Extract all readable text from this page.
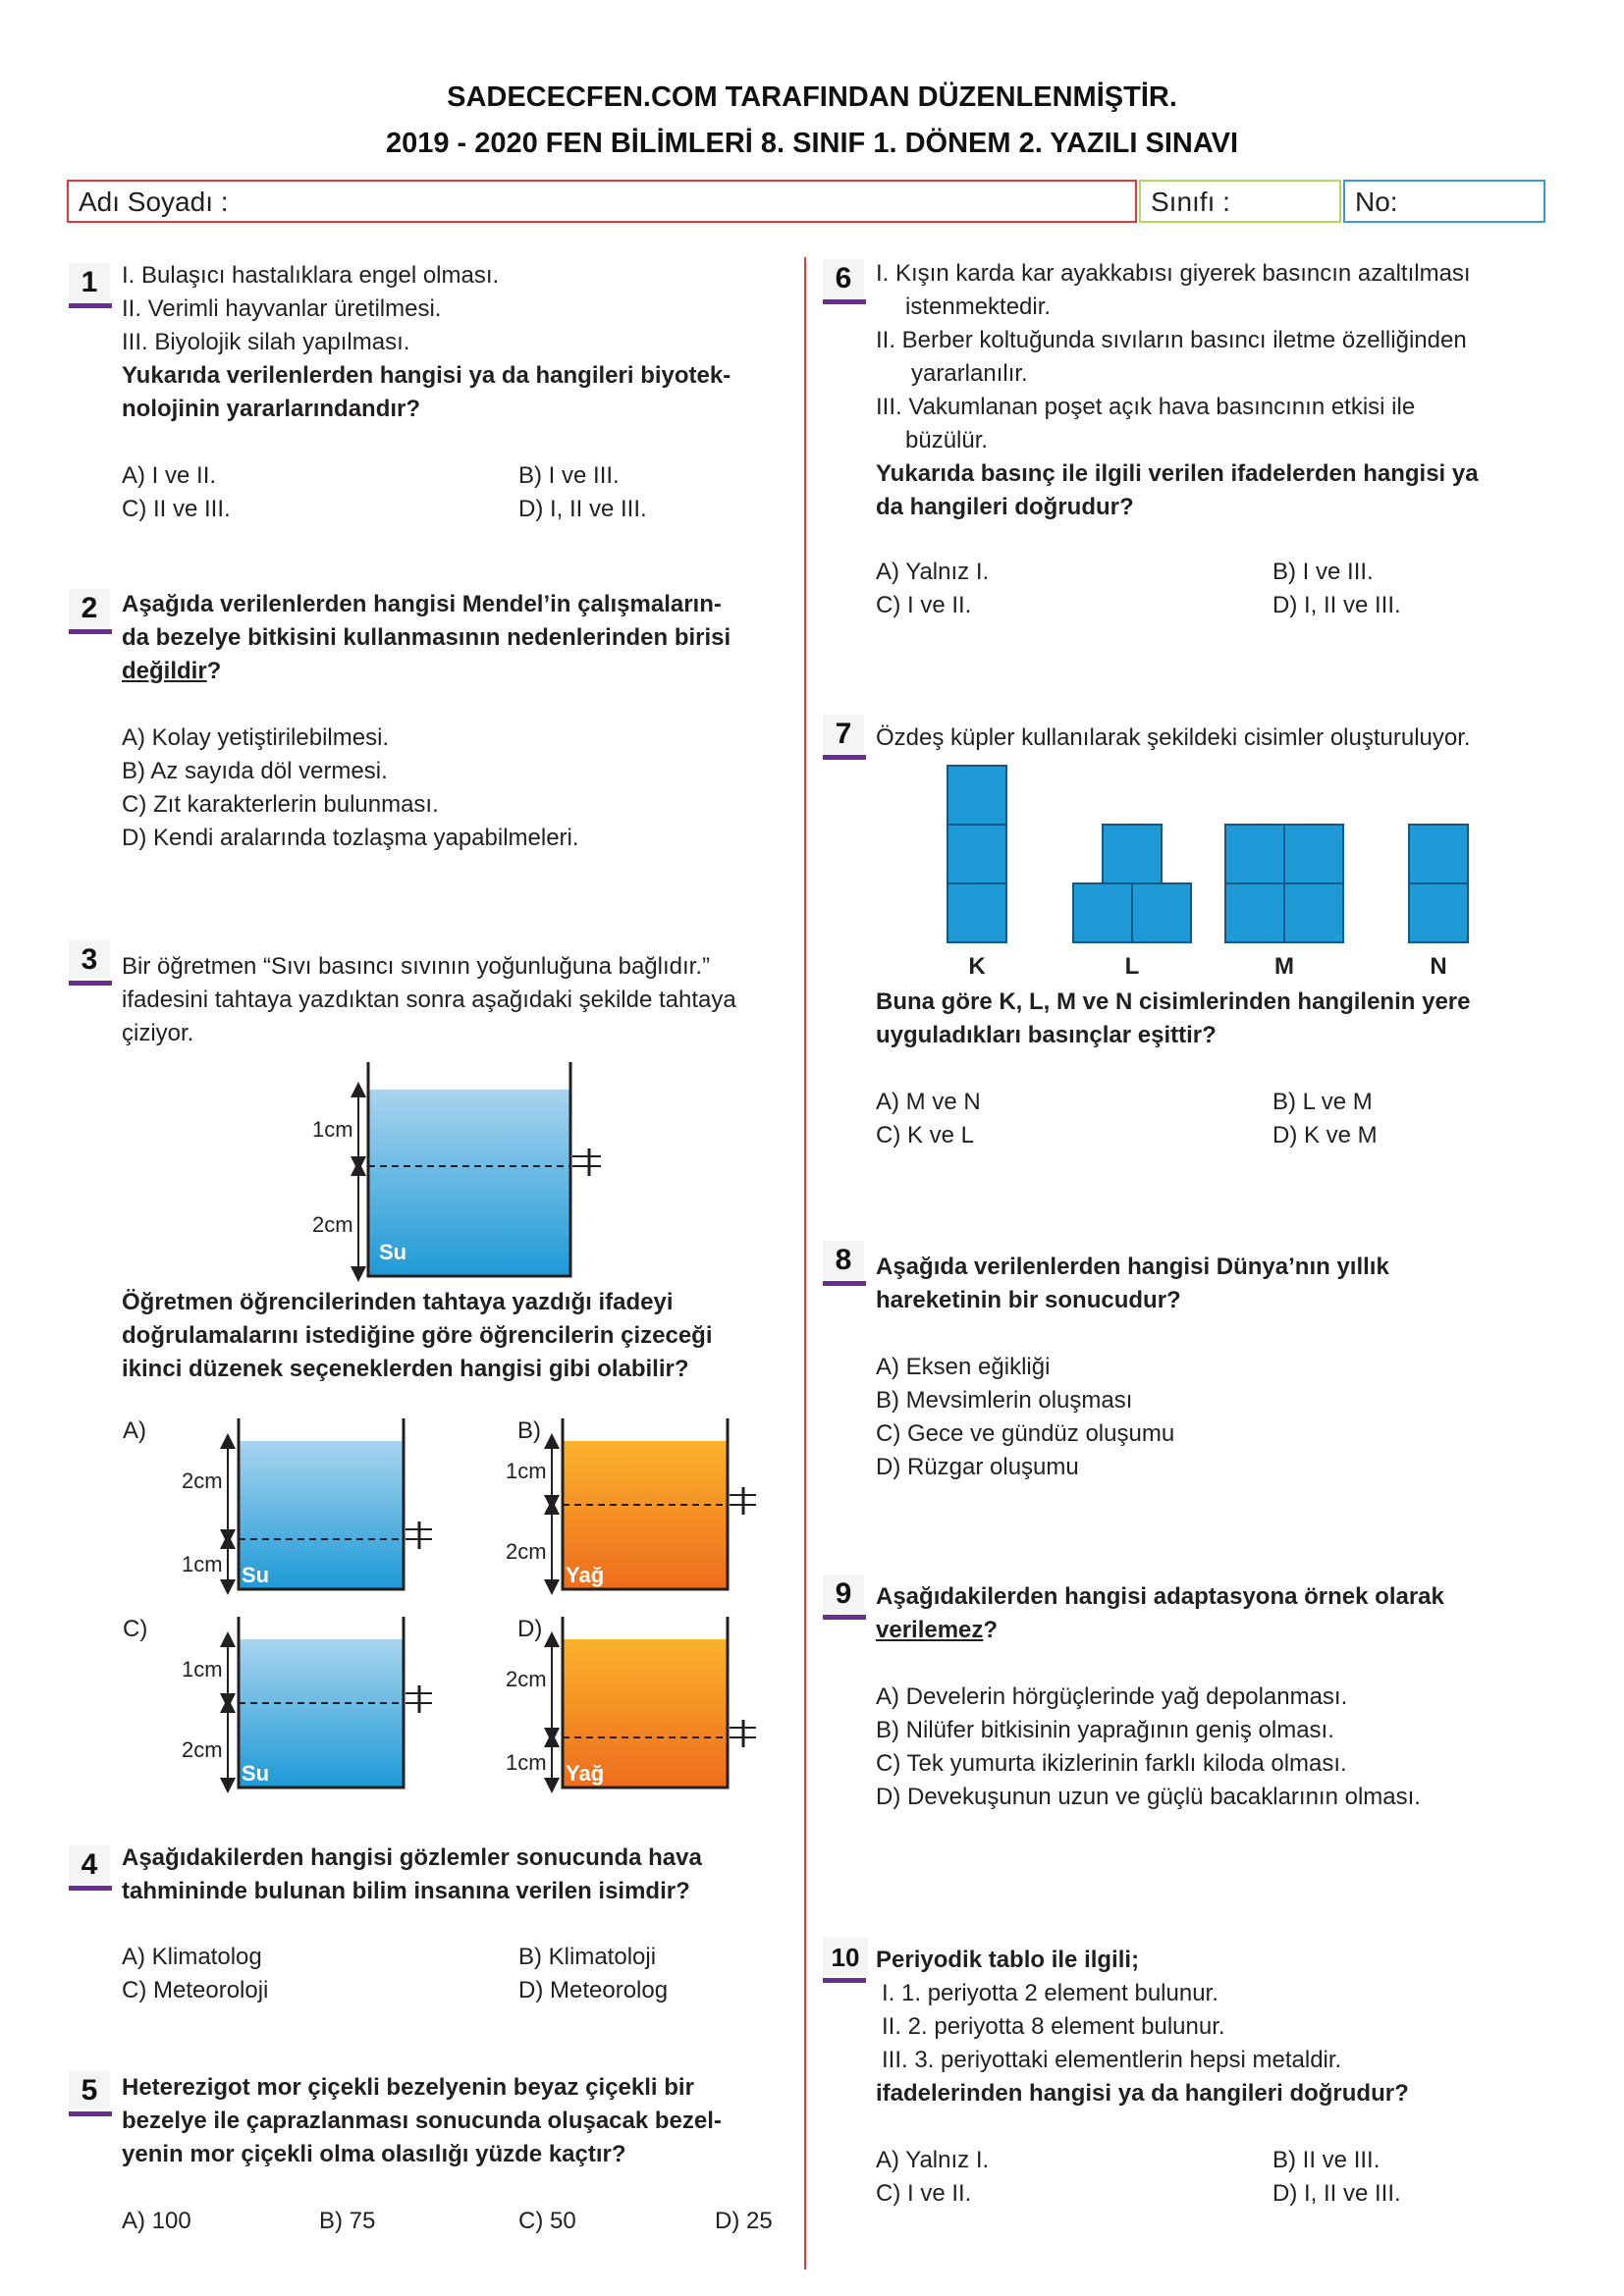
SADECECFEN.COM TARAFINDAN DÜZENLENMİŞTİR.
2019 - 2020 FEN BİLİMLERİ 8. SINIF 1. DÖNEM 2. YAZILI SINAVI
Adı Soyadı :	Sınıfı :	No:
1	I. Bulaşıcı hastalıklara engel olması.
II. Verimli hayvanlar üretilmesi.
III. Biyolojik silah yapılması.
Yukarıda verilenlerden hangisi ya da hangileri biyotek-
nolojinin yararlarındandır?
A) I ve II.	B) I ve III.
C) II ve III.	D) I, II ve III.
2	Aşağıda verilenlerden hangisi Mendel’in çalışmaların-
da bezelye bitkisini kullanmasının nedenlerinden birisi
değildir?
A) Kolay yetiştirilebilmesi.
B) Az sayıda döl vermesi.
C) Zıt karakterlerin bulunması.
D) Kendi aralarında tozlaşma yapabilmeleri.
3	Bir öğretmen “Sıvı basıncı sıvının yoğunluğuna bağlıdır.”
ifadesini tahtaya yazdıktan sonra aşağıdaki şekilde tahtaya
çiziyor.
1cm
2cm
Su
A)
2cm
1cm Su
B)
1cm
2cm
Yağ
C)
1cm
2cm
Su
D)
2cm
1cm Yağ
K	L	M	N
Öğretmen öğrencilerinden tahtaya yazdığı ifadeyi
doğrulamalarını istediğine göre öğrencilerin çizeceği
ikinci düzenek seçeneklerden hangisi gibi olabilir?
4	Aşağıdakilerden hangisi gözlemler sonucunda hava
tahmininde bulunan bilim insanına verilen isimdir?
A) Klimatolog	B) Klimatoloji
C) Meteoroloji	D) Meteorolog
5	Heterezigot mor çiçekli bezelyenin beyaz çiçekli bir
bezelye ile çaprazlanması sonucunda oluşacak bezel-
yenin mor çiçekli olma olasılığı yüzde kaçtır?
A) 100	B) 75	C) 50	D) 25
6	I. Kışın karda kar ayakkabısı giyerek basıncın azaltılması
istenmektedir.
II. Berber koltuğunda sıvıların basıncı iletme özelliğinden
yararlanılır.
III. Vakumlanan poşet açık hava basıncının etkisi ile
büzülür.
Yukarıda basınç ile ilgili verilen ifadelerden hangisi ya
da hangileri doğrudur?
A) Yalnız I.	B) I ve III.
C) I ve II.	D) I, II ve III.
7	Özdeş küpler kullanılarak şekildeki cisimler oluşturuluyor.
Buna göre K, L, M ve N cisimlerinden hangilenin yere
uyguladıkları basınçlar eşittir?
A) M ve N	B) L ve M
C) K ve L	D) K ve M
8	Aşağıda verilenlerden hangisi Dünya’nın yıllık
hareketinin bir sonucudur?
A) Eksen eğikliği
B) Mevsimlerin oluşması
C) Gece ve gündüz oluşumu
D) Rüzgar oluşumu
9	Aşağıdakilerden hangisi adaptasyona örnek olarak
verilemez?
A) Develerin hörgüçlerinde yağ depolanması.
B) Nilüfer bitkisinin yaprağının geniş olması.
C) Tek yumurta ikizlerinin farklı kiloda olması.
D) Devekuşunun uzun ve güçlü bacaklarının olması.
10 Periyodik tablo ile ilgili;
I. 1. periyotta 2 element bulunur.
II. 2. periyotta 8 element bulunur.
III. 3. periyottaki elementlerin hepsi metaldir.
ifadelerinden hangisi ya da hangileri doğrudur?
A) Yalnız I.	B) II ve III.
C) I ve II.	D) I, II ve III.
